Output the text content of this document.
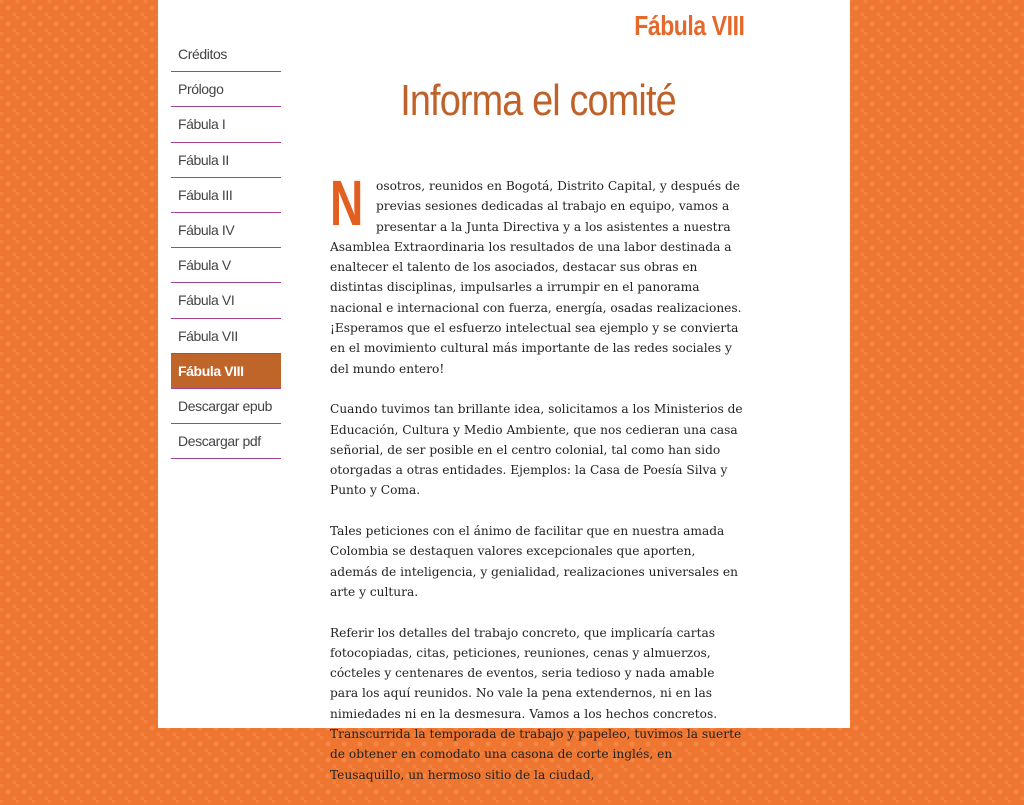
Créditos
Prólogo
Fábula I
Fábula II
Fábula III
Fábula IV
Fábula V
Fábula VI
Fábula VII
Fábula VIII
Descargar epub
Descargar pdf
Fábula VIII
Informa el comité

N osotros, reunidos en Bogotá, Distrito Capital, y después de previas sesiones dedicadas al trabajo en equipo, vamos a presentar a la Junta Directiva y a los asistentes a nuestra Asamblea Extraordinaria los resultados de una labor destinada a enaltecer el talento de los asociados, destacar sus obras en distintas disciplinas, impulsarles a irrumpir en el panorama nacional e internacional con fuerza, energía, osadas realizaciones. ¡Esperamos que el esfuerzo intelectual sea ejemplo y se convierta en el movimiento cultural más importante de las redes sociales y del mundo entero!

Cuando tuvimos tan brillante idea, solicitamos a los Ministerios de Educación, Cultura y Medio Ambiente, que nos cedieran una casa señorial, de ser posible en el centro colonial, tal como han sido otorgadas a otras entidades. Ejemplos: la Casa de Poesía Silva y Punto y Coma.

Tales peticiones con el ánimo de facilitar que en nuestra amada Colombia se destaquen valores excepcionales que aporten, además de inteligencia, y genialidad, realizaciones universales en arte y cultura.

Referir los detalles del trabajo concreto, que implicaría cartas fotocopiadas, citas, peticiones, reuniones, cenas y almuerzos, cócteles y centenares de eventos, seria tedioso y nada amable para los aquí reunidos. No vale la pena extendernos, ni en las nimiedades ni en la desmesura. Vamos a los hechos concretos. Transcurrida la temporada de trabajo y papeleo, tuvimos la suerte de obtener en comodato una casona de corte inglés, en Teusaquillo, un hermoso sitio de la ciudad,
